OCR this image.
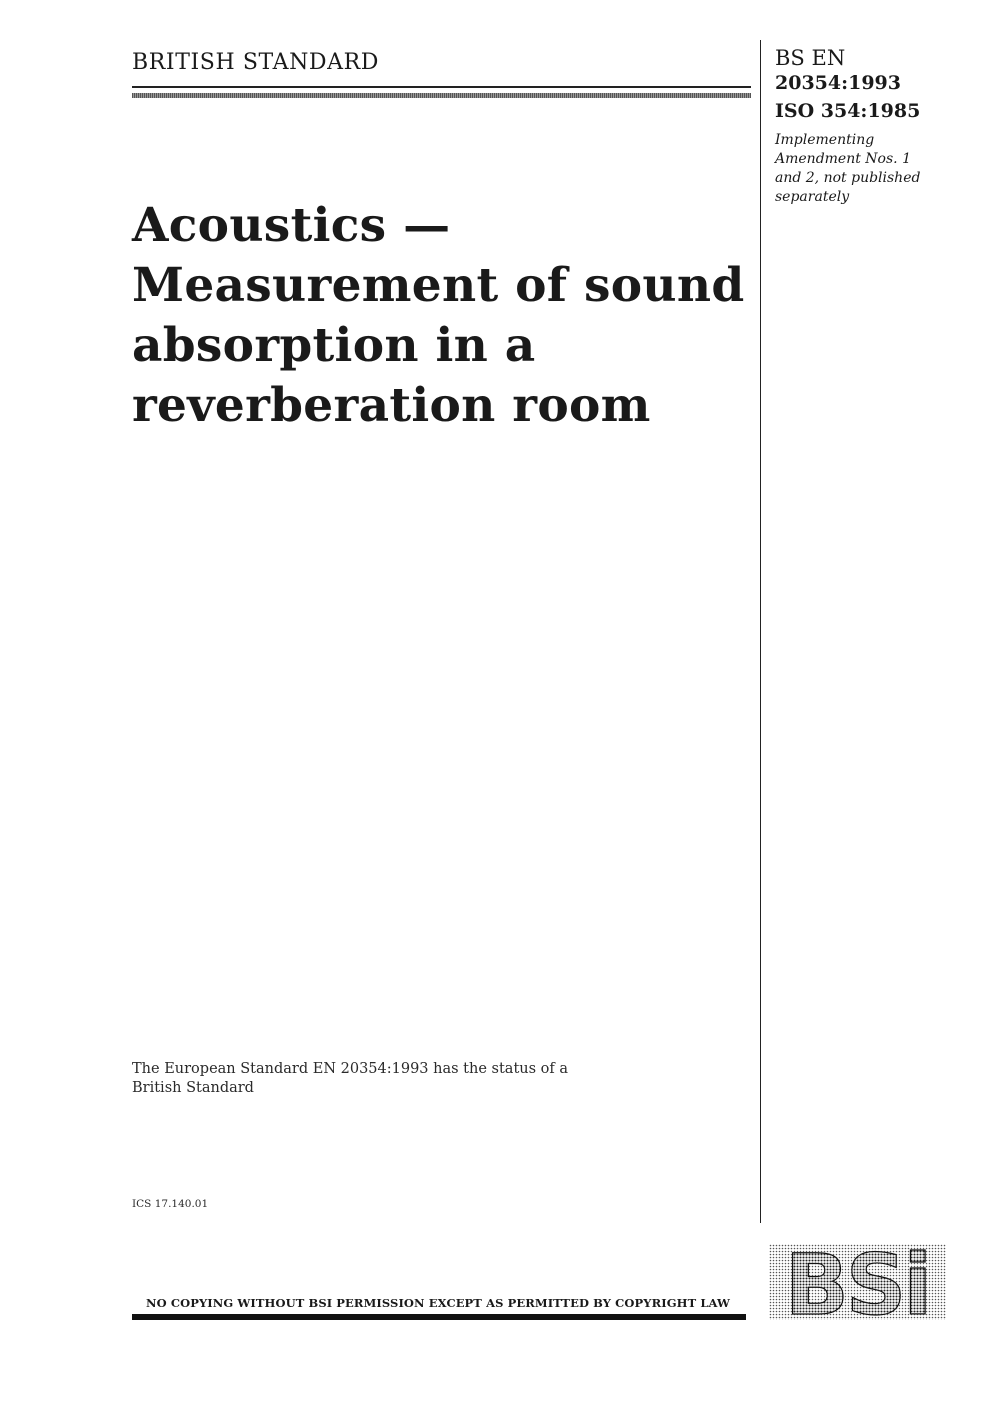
BRITISH STANDARD	BS EN
20354:1993
ISO 354:1985
Implementing
Amendment Nos. 1
and 2, not published
separately
Acoustics —
Measurement of sound
absorption in a
reverberation room
The European Standard EN 20354:1993 has the status of a
British Standard
ICS 17.140.01
NO COPYING WITHOUT BSI PERMISSION EXCEPT AS PERMITTED BY COPYRIGHT LAW BSi
